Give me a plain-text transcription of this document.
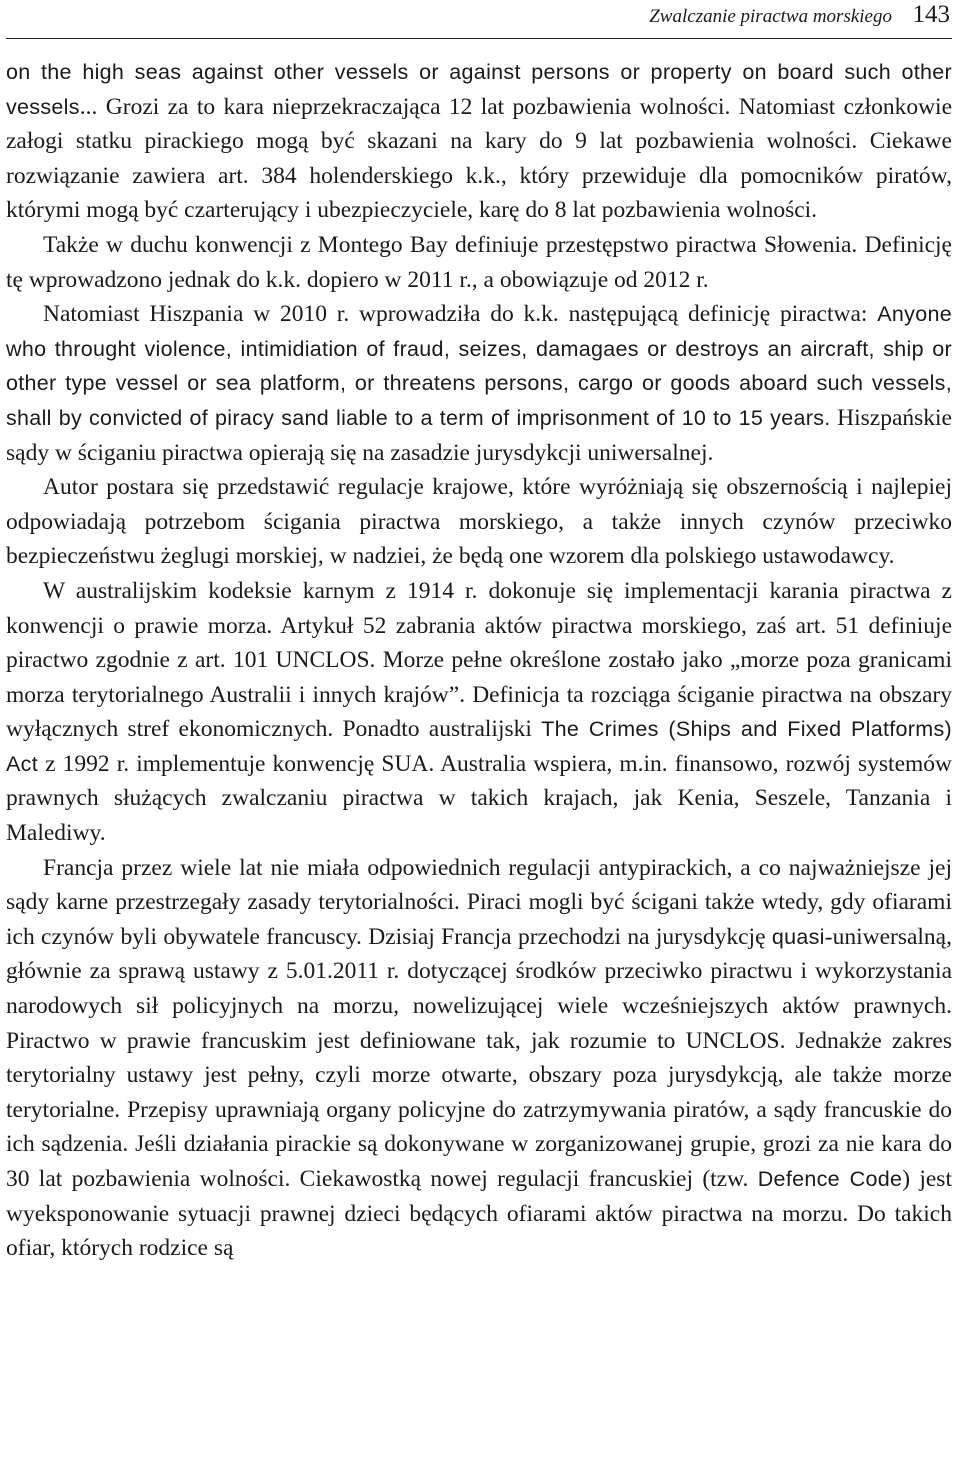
Zwalczanie piractwa morskiego 143

on the high seas against other vessels or against persons or property on board such other vessels... Grozi za to kara nieprzekraczająca 12 lat pozbawienia wolności. Natomiast członkowie załogi statku pirackiego mogą być skazani na kary do 9 lat pozbawienia wolności. Ciekawe rozwiązanie zawiera art. 384 holenderskiego k.k., który przewiduje dla pomocników piratów, którymi mogą być czarterujący i ubezpieczyciele, karę do 8 lat pozbawienia wolności.

Także w duchu konwencji z Montego Bay definiuje przestępstwo piractwa Słowenia. Definicję tę wprowadzono jednak do k.k. dopiero w 2011 r., a obowiązuje od 2012 r.

Natomiast Hiszpania w 2010 r. wprowadziła do k.k. następującą definicję piractwa: Anyone who throught violence, intimidiation of fraud, seizes, damagaes or destroys an aircraft, ship or other type vessel or sea platform, or threatens persons, cargo or goods aboard such vessels, shall by convicted of piracy sand liable to a term of imprisonment of 10 to 15 years. Hiszpańskie sądy w ściganiu piractwa opierają się na zasadzie jurysdykcji uniwersalnej.

Autor postara się przedstawić regulacje krajowe, które wyróżniają się obszernością i najlepiej odpowiadają potrzebom ścigania piractwa morskiego, a także innych czynów przeciwko bezpieczeństwu żeglugi morskiej, w nadziei, że będą one wzorem dla polskiego ustawodawcy.

W australijskim kodeksie karnym z 1914 r. dokonuje się implementacji karania piractwa z konwencji o prawie morza. Artykuł 52 zabrania aktów piractwa morskiego, zaś art. 51 definiuje piractwo zgodnie z art. 101 UNCLOS. Morze pełne określone zostało jako „morze poza granicami morza terytorialnego Australii i innych krajów”. Definicja ta rozciąga ściganie piractwa na obszary wyłącznych stref ekonomicznych. Ponadto australijski The Crimes (Ships and Fixed Platforms) Act z 1992 r. implementuje konwencję SUA. Australia wspiera, m.in. finansowo, rozwój systemów prawnych służących zwalczaniu piractwa w takich krajach, jak Kenia, Seszele, Tanzania i Malediwy.

Francja przez wiele lat nie miała odpowiednich regulacji antypirackich, a co najważniejsze jej sądy karne przestrzegały zasady terytorialności. Piraci mogli być ścigani także wtedy, gdy ofiarami ich czynów byli obywatele francuscy. Dzisiaj Francja przechodzi na jurysdykcję quasi-uniwersalną, głównie za sprawą ustawy z 5.01.2011 r. dotyczącej środków przeciwko piractwu i wykorzystania narodowych sił policyjnych na morzu, nowelizującej wiele wcześniejszych aktów prawnych. Piractwo w prawie francuskim jest definiowane tak, jak rozumie to UNCLOS. Jednakże zakres terytorialny ustawy jest pełny, czyli morze otwarte, obszary poza jurysdykcją, ale także morze terytorialne. Przepisy uprawniają organy policyjne do zatrzymywania piratów, a sądy francuskie do ich sądzenia. Jeśli działania pirackie są dokonywane w zorganizowanej grupie, grozi za nie kara do 30 lat pozbawienia wolności. Ciekawostką nowej regulacji francuskiej (tzw. Defence Code) jest wyeksponowanie sytuacji prawnej dzieci będących ofiarami aktów piractwa na morzu. Do takich ofiar, których rodzice są
